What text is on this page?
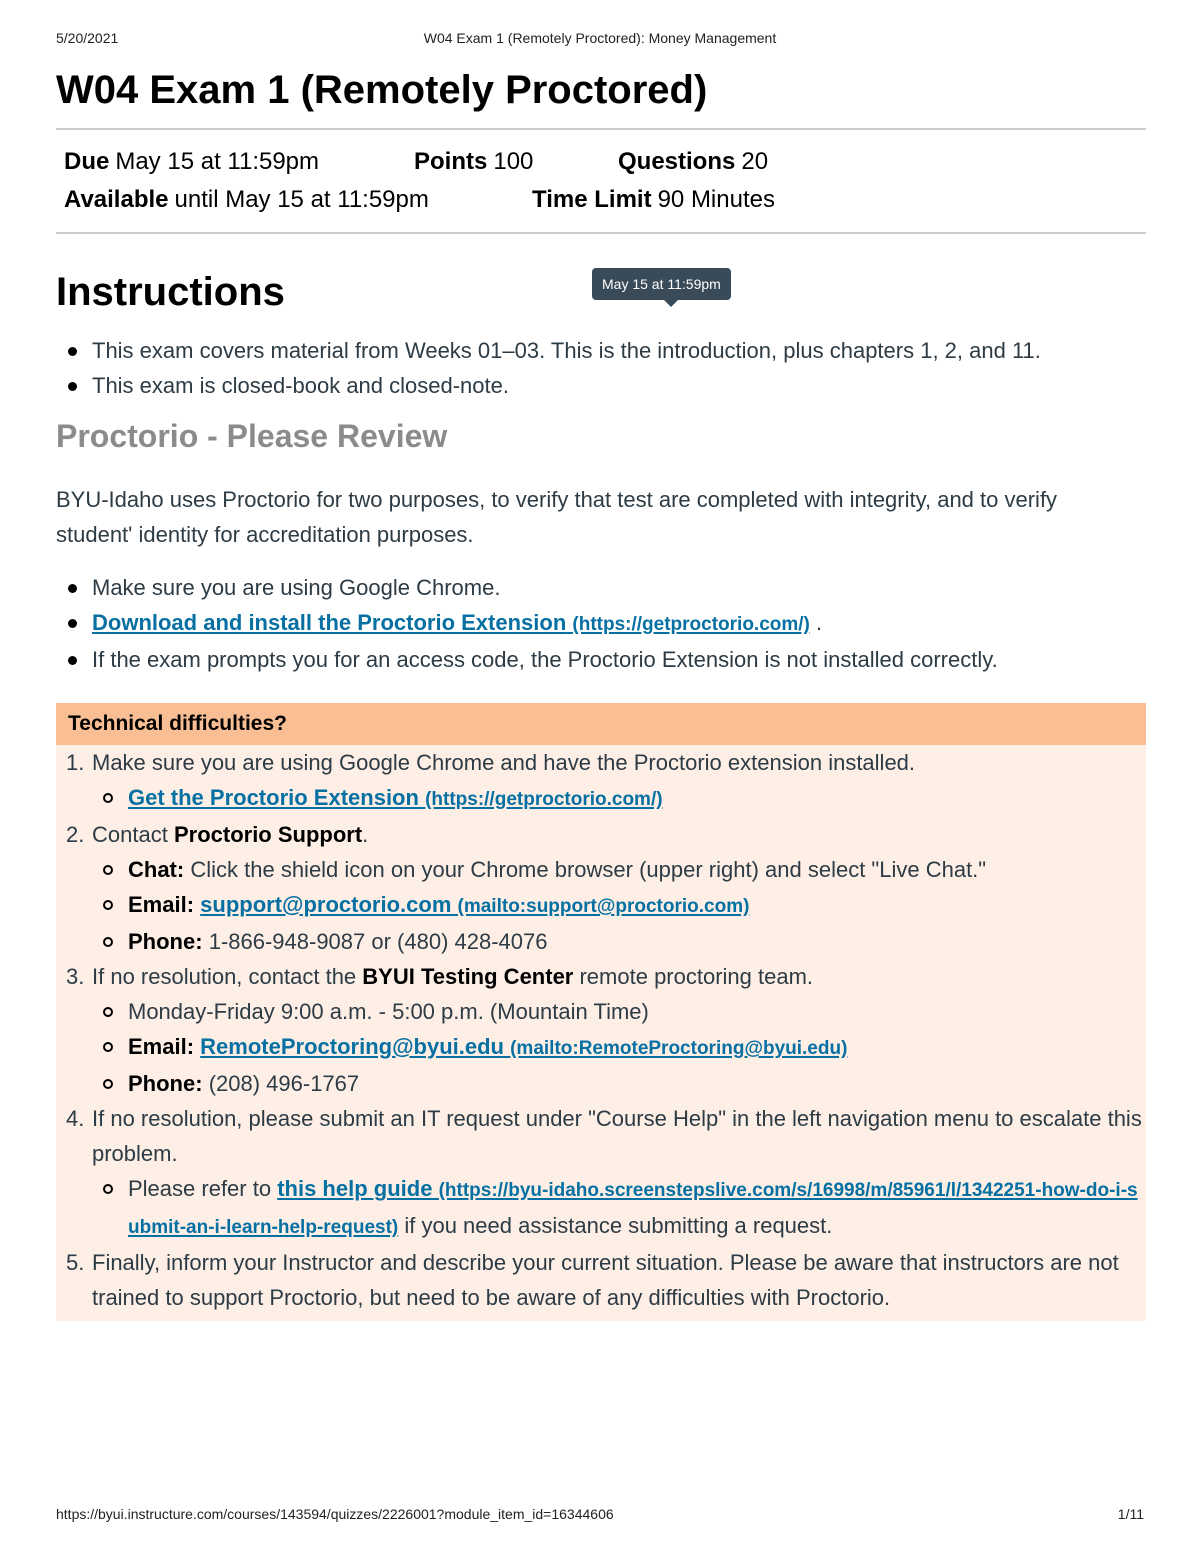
5/20/2021	W04 Exam 1 (Remotely Proctored): Money Management
W04 Exam 1 (Remotely Proctored)
Due May 15 at 11:59pm	Points 100	Questions 20
Available until May 15 at 11:59pm	Time Limit 90 Minutes
Instructions	May 15 at 11:59pm
This exam covers material from Weeks 01–03. This is the introduction, plus chapters 1, 2, and 11.
This exam is closed-book and closed-note.
Proctorio - Please Review

BYU-Idaho uses Proctorio for two purposes, to verify that test are completed with integrity, and to verify student' identity for accreditation purposes.

Make sure you are using Google Chrome.
Download and install the Proctorio Extension (https://getproctorio.com/) .
If the exam prompts you for an access code, the Proctorio Extension is not installed correctly.
Technical difficulties?
1. Make sure you are using Google Chrome and have the Proctorio extension installed.
Get the Proctorio Extension (https://getproctorio.com/)
2. Contact Proctorio Support.
Chat: Click the shield icon on your Chrome browser (upper right) and select "Live Chat."
Email: support@proctorio.com (mailto:support@proctorio.com)
Phone: 1-866-948-9087 or (480) 428-4076
3. If no resolution, contact the BYUI Testing Center remote proctoring team.
Monday-Friday 9:00 a.m. - 5:00 p.m. (Mountain Time)
Email: RemoteProctoring@byui.edu (mailto:RemoteProctoring@byui.edu)
Phone: (208) 496-1767
4. If no resolution, please submit an IT request under "Course Help" in the left navigation menu to escalate this problem.
Please refer to this help guide (https://byu-idaho.screenstepslive.com/s/16998/m/85961/l/1342251-how-do-i-submit-an-i-learn-help-request) if you need assistance submitting a request.
5. Finally, inform your Instructor and describe your current situation. Please be aware that instructors are not trained to support Proctorio, but need to be aware of any difficulties with Proctorio.
https://byui.instructure.com/courses/143594/quizzes/2226001?module_item_id=16344606	1/11
